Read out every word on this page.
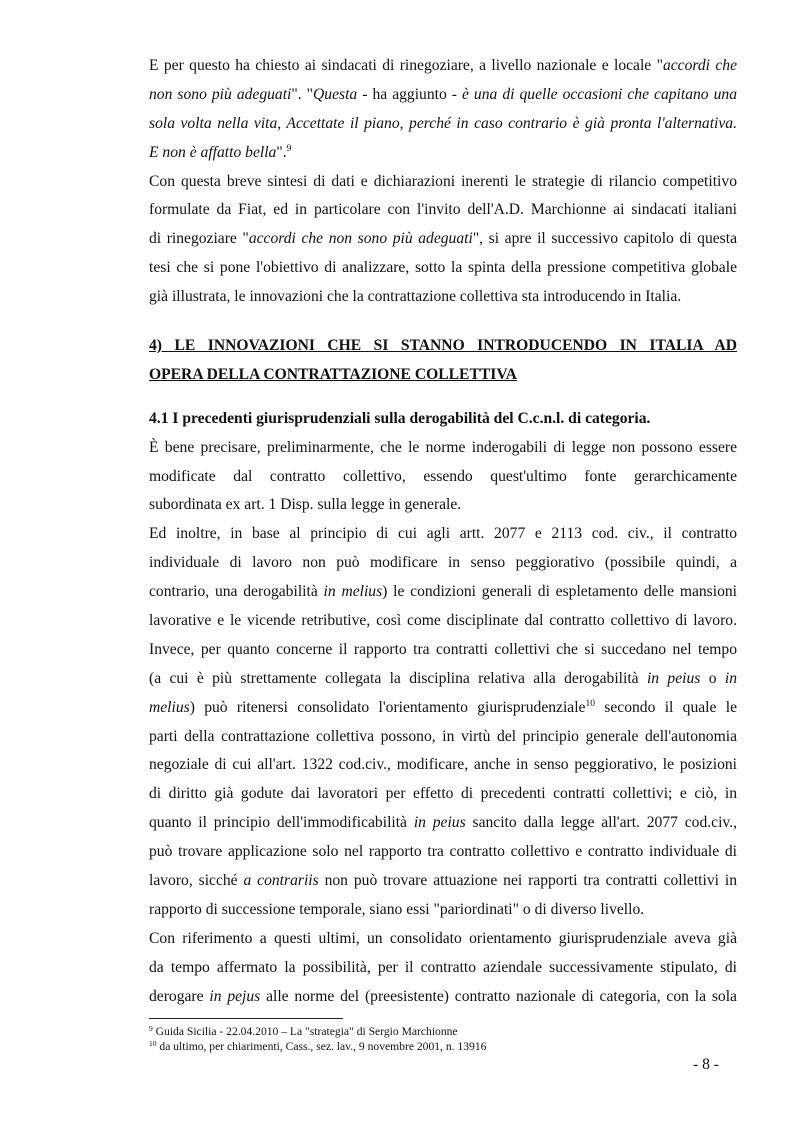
E per questo ha chiesto ai sindacati di rinegoziare, a livello nazionale e locale "accordi che
non sono più adeguati". "Questa - ha aggiunto - è una di quelle occasioni che capitano una
sola volta nella vita, Accettate il piano, perché in caso contrario è già pronta l'alternativa.
E non è affatto bella".$^9$
Con questa breve sintesi di dati e dichiarazioni inerenti le strategie di rilancio competitivo
formulate da Fiat, ed in particolare con l'invito dell'A.D. Marchionne ai sindacati italiani
di rinegoziare "accordi che non sono più adeguati", si apre il successivo capitolo di questa
tesi che si pone l'obiettivo di analizzare, sotto la spinta della pressione competitiva globale
già illustrata, le innovazioni che la contrattazione collettiva sta introducendo in Italia.
4) LE INNOVAZIONI CHE SI STANNO INTRODUCENDO IN ITALIA AD
OPERA DELLA CONTRATTAZIONE COLLETTIVA
4.1 I precedenti giurisprudenziali sulla derogabilità del C.c.n.l. di categoria.
È bene precisare, preliminarmente, che le norme inderogabili di legge non possono essere
modificate dal contratto collettivo, essendo quest'ultimo fonte gerarchicamente
subordinata ex art. 1 Disp. sulla legge in generale.
Ed inoltre, in base al principio di cui agli artt. 2077 e 2113 cod. civ., il contratto
individuale di lavoro non può modificare in senso peggiorativo (possibile quindi, a
contrario, una derogabilità in melius) le condizioni generali di espletamento delle mansioni
lavorative e le vicende retributive, così come disciplinate dal contratto collettivo di lavoro.
Invece, per quanto concerne il rapporto tra contratti collettivi che si succedano nel tempo
(a cui è più strettamente collegata la disciplina relativa alla derogabilità in peius o in
melius) può ritenersi consolidato l'orientamento giurisprudenziale$^{10}$ secondo il quale le
parti della contrattazione collettiva possono, in virtù del principio generale dell'autonomia
negoziale di cui all'art. 1322 cod.civ., modificare, anche in senso peggiorativo, le posizioni
di diritto già godute dai lavoratori per effetto di precedenti contratti collettivi; e ciò, in
quanto il principio dell'immodificabilità in peius sancito dalla legge all'art. 2077 cod.civ.,
può trovare applicazione solo nel rapporto tra contratto collettivo e contratto individuale di
lavoro, sicché a contrariis non può trovare attuazione nei rapporti tra contratti collettivi in
rapporto di successione temporale, siano essi "pariordinati" o di diverso livello.
Con riferimento a questi ultimi, un consolidato orientamento giurisprudenziale aveva già
da tempo affermato la possibilità, per il contratto aziendale successivamente stipulato, di
derogare in pejus alle norme del (preesistente) contratto nazionale di categoria, con la sola
$^9$ Guida Sicilia - 22.04.2010 – La "strategia" di Sergio Marchionne
$^{10}$ da ultimo, per chiarimenti, Cass., sez. lav., 9 novembre 2001, n. 13916
- 8 -
